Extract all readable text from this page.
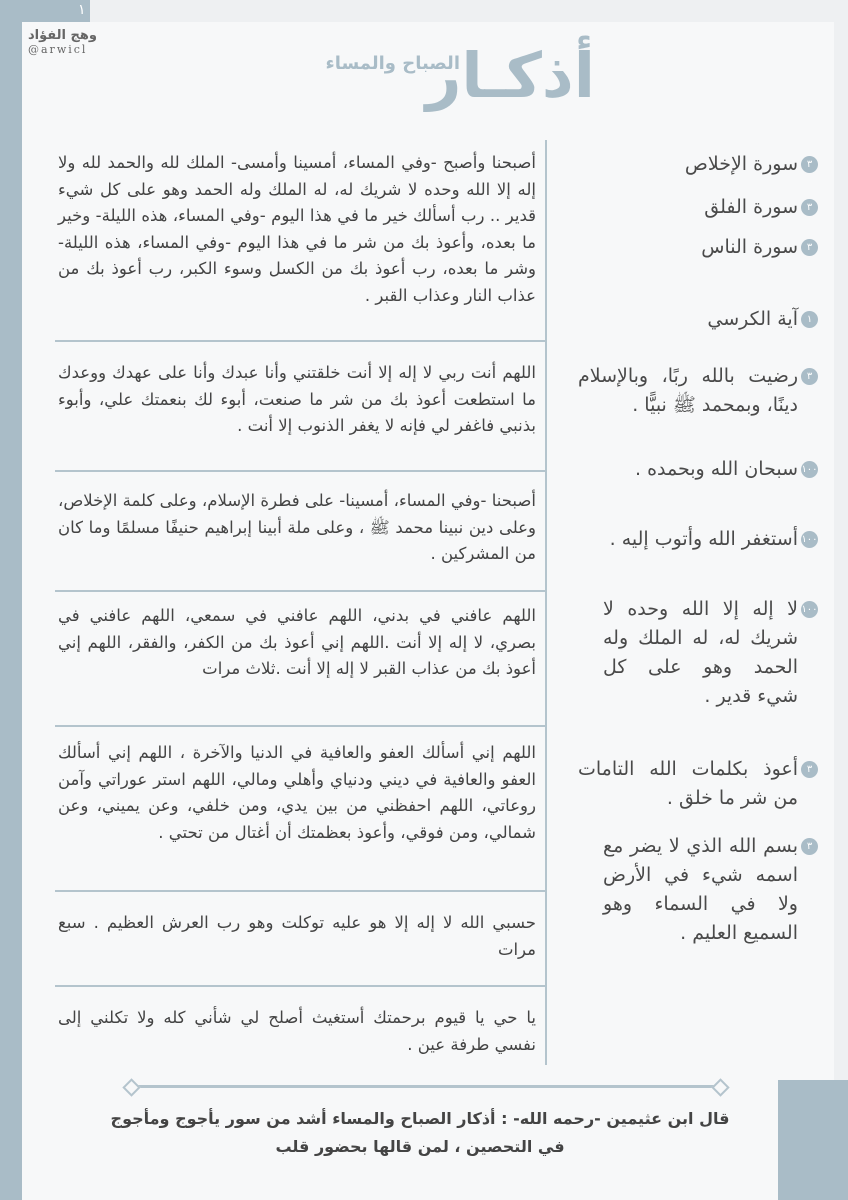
١
وهج الفؤاد
@arwicl	أذكـار
الصباح والمساء
أصبحنا وأصبح -وفي المساء، أمسينا وأمسى- الملك لله والحمد لله ولا إله إلا الله وحده لا شريك له، له الملك وله الحمد وهو على كل شيء قدير .. رب أسألك خير ما في هذا اليوم -وفي المساء، هذه الليلة- وخير ما بعده، وأعوذ بك من شر ما في هذا اليوم -وفي المساء، هذه الليلة- وشر ما بعده، رب أعوذ بك من الكسل وسوء الكبر، رب أعوذ بك من عذاب النار وعذاب القبر .
اللهم أنت ربي لا إله إلا أنت خلقتني وأنا عبدك وأنا على عهدك ووعدك ما استطعت أعوذ بك من شر ما صنعت، أبوء لك بنعمتك علي، وأبوء بذنبي فاغفر لي فإنه لا يغفر الذنوب إلا أنت .
أصبحنا -وفي المساء، أمسينا- على فطرة الإسلام، وعلى كلمة الإخلاص، وعلى دين نبينا محمد ﷺ ، وعلى ملة أبينا إبراهيم حنيفًا مسلمًا وما كان من المشركين .
اللهم عافني في بدني، اللهم عافني في سمعي، اللهم عافني في بصري، لا إله إلا أنت .اللهم إني أعوذ بك من الكفر، والفقر، اللهم إني أعوذ بك من عذاب القبر لا إله إلا أنت .ثلاث مرات
اللهم إني أسألك العفو والعافية في الدنيا والآخرة ، اللهم إني أسألك العفو والعافية في ديني ودنياي وأهلي ومالي، اللهم استر عوراتي وآمن روعاتي، اللهم احفظني من بين يدي، ومن خلفي، وعن يميني، وعن شمالي، ومن فوقي، وأعوذ بعظمتك أن أغتال من تحتي .
حسبي الله لا إله إلا هو عليه توكلت وهو رب العرش العظيم . سبع مرات
يا حي يا قيوم برحمتك أستغيث أصلح لي شأني كله ولا تكلني إلى نفسي طرفة عين .
٣
سورة الإخلاص
٣
سورة الفلق
٣
سورة الناس
١
آية الكرسي
٣
رضيت بالله ربًا، وبالإسلام دينًا، وبمحمد ﷺ نبيًّا .
١٠٠
سبحان الله وبحمده .
١٠٠
أستغفر الله وأتوب إليه .
١٠٠
لا إله إلا الله وحده لا شريك له، له الملك وله الحمد وهو على كل شيء قدير .
٣
أعوذ بكلمات الله التامات من شر ما خلق .
٣
بسم الله الذي لا يضر مع اسمه شيء في الأرض ولا في السماء وهو السميع العليم .
قال ابن عثيمين -رحمه الله- : أذكار الصباح والمساء أشد من سور يأجوج ومأجوج في التحصين ، لمن قالها بحضور قلب
